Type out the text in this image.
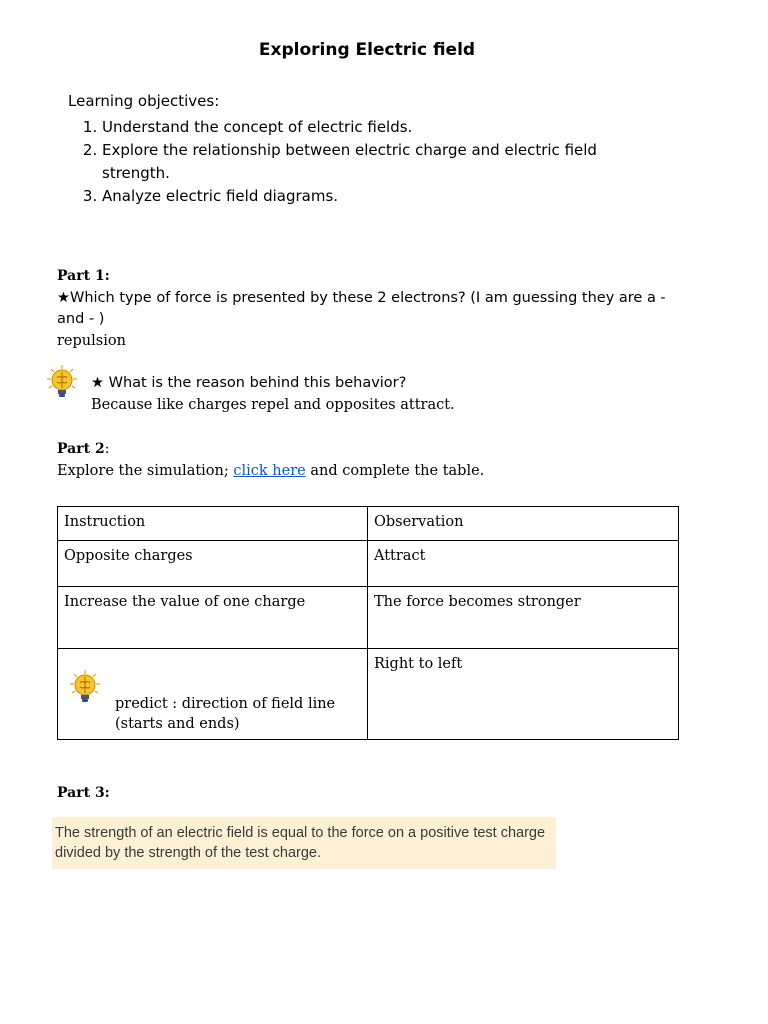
Exploring Electric field

Learning objectives:

1. Understand the concept of electric fields.
2. Explore the relationship between electric charge and electric field strength.
3. Analyze electric field diagrams.
Part 1:
★Which type of force is presented by these 2 electrons? (I am guessing they are a - and - )
repulsion
★ What is the reason behind this behavior?
Because like charges repel and opposites attract.
Part 2:
Explore the simulation; click here and complete the table.
Instruction	Observation
Opposite charges	Attract
Increase the value of one charge	The force becomes stronger

predict : direction of field line (starts and ends)	Right to left
Part 3:
The strength of an electric field is equal to the force on a positive test charge divided by the strength of the test charge.
